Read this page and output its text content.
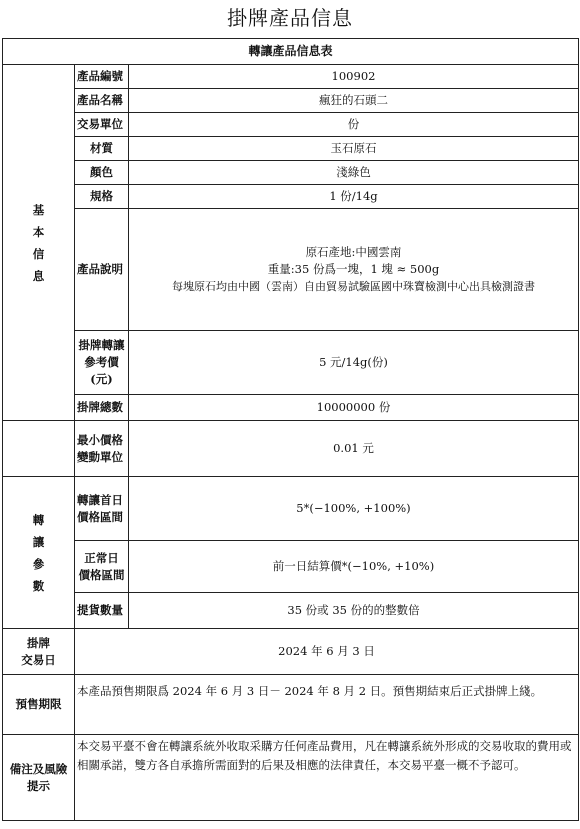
掛牌產品信息
轉讓產品信息表		

基
本
信
息	產品編號	100902
	產品名稱	瘋狂的石頭二
	交易單位	份
	材質	玉石原石
	顏色	淺綠色
	規格	1 份/14g
	產品說明	原石產地:中國雲南
重量:35 份爲一塊，1 塊 ≈ 500g
每塊原石均由中國（雲南）自由貿易試驗區國中珠寶檢測中心出具檢測證書

	掛牌轉讓
參考價
(元)	5 元/14g(份)
	掛牌總數	10000000 份

	最小價格
變動單位	0.01 元

轉
讓
參
數	轉讓首日
價格區間	5*(−100%, +100%)

	正常日
價格區間	前一日結算價*(−10%, +10%)
	提貨數量	35 份或 35 份的的整數倍

掛牌
交易日	2024 年 6 月 3 日	
預售期限	本產品預售期限爲 2024 年 6 月 3 日－ 2024 年 8 月 2 日。預售期結束后正式掛牌上綫。	

備注及風險
提示	本交易平臺不會在轉讓系統外收取采購方任何產品費用，凡在轉讓系統外形成的交易收取的費用或相關承諾，雙方各自承擔所需面對的后果及相應的法律責任，本交易平臺一概不予認可。	
